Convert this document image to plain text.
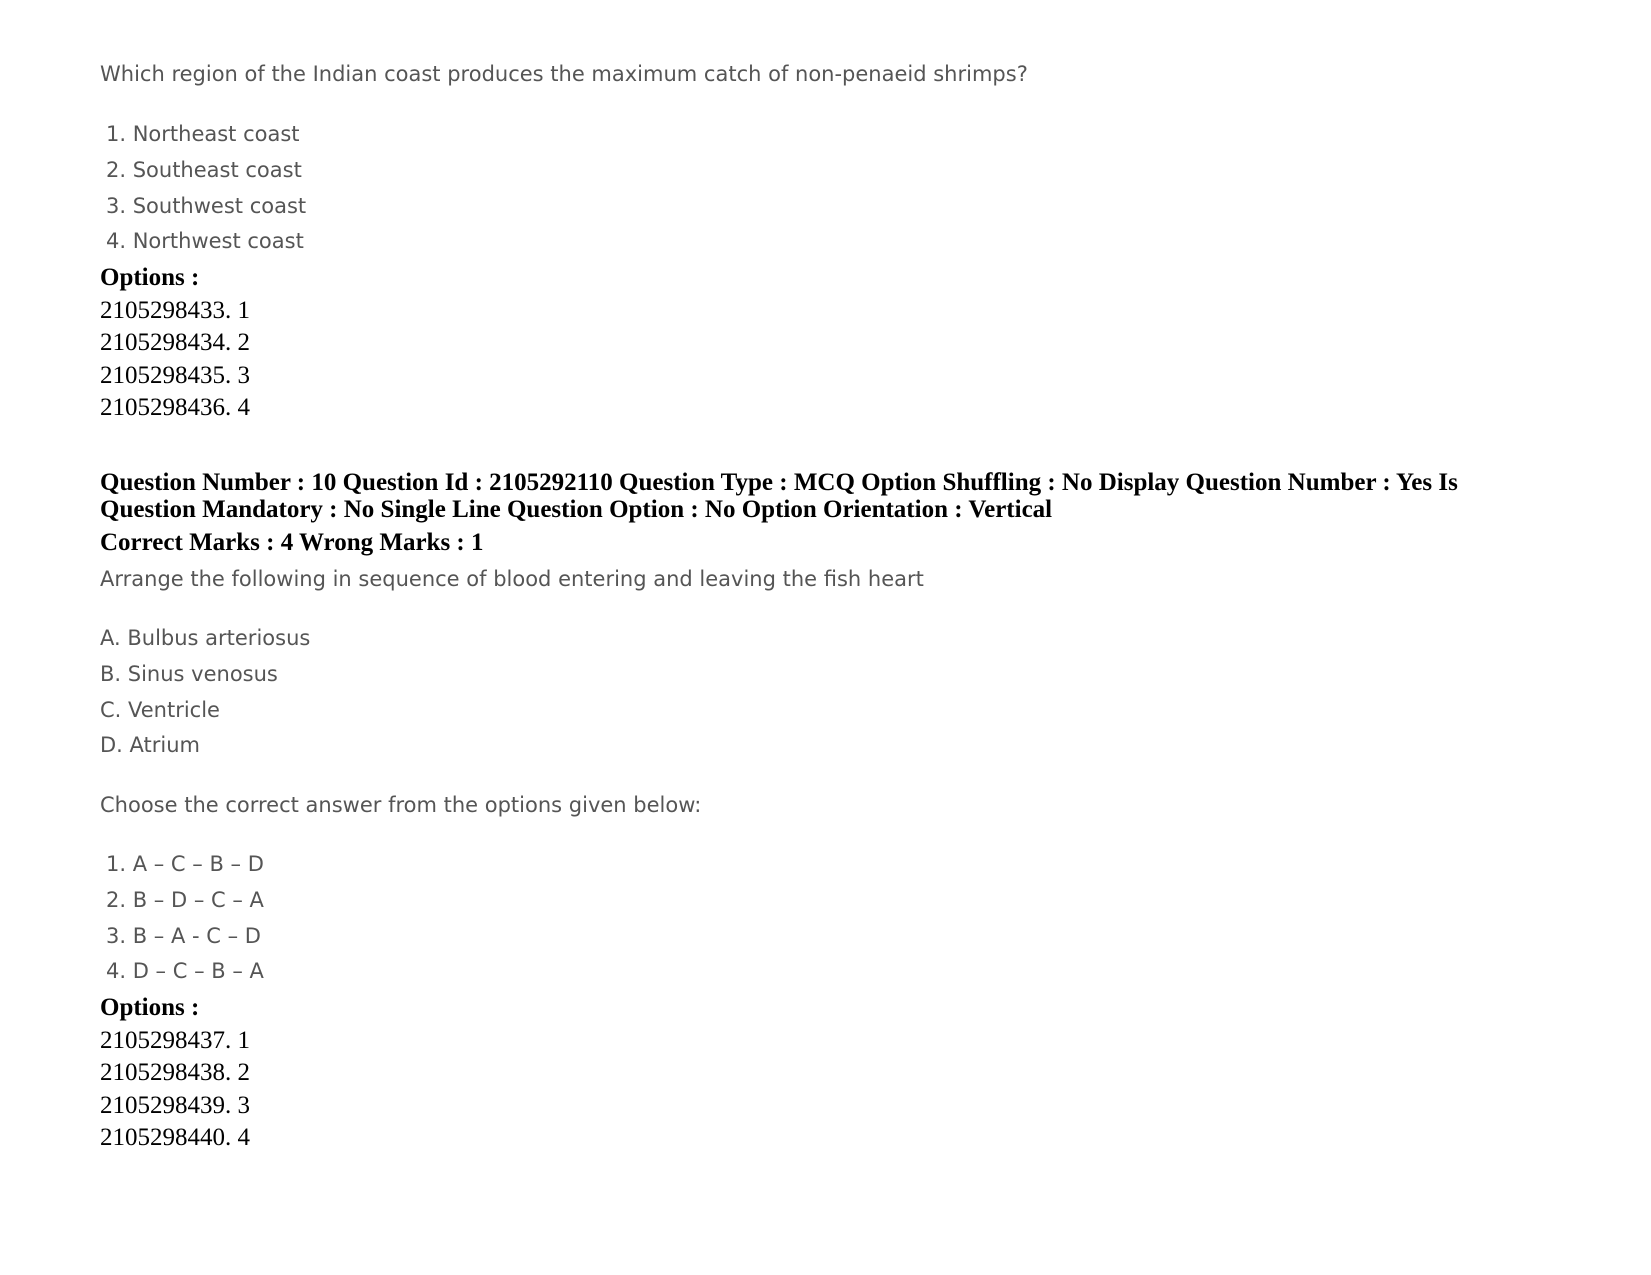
Which region of the Indian coast produces the maximum catch of non-penaeid shrimps?

1. Northeast coast

2. Southeast coast

3. Southwest coast

4. Northwest coast

Options :

2105298433. 1

2105298434. 2

2105298435. 3

2105298436. 4

Question Number : 10 Question Id : 2105292110 Question Type : MCQ Option Shuffling : No Display Question Number : Yes Is

Question Mandatory : No Single Line Question Option : No Option Orientation : Vertical

Correct Marks : 4 Wrong Marks : 1

Arrange the following in sequence of blood entering and leaving the fish heart

A. Bulbus arteriosus

B. Sinus venosus

C. Ventricle

D. Atrium

Choose the correct answer from the options given below:

1. A – C – B – D

2. B – D – C – A

3. B – A - C – D

4. D – C – B – A

Options :

2105298437. 1

2105298438. 2

2105298439. 3

2105298440. 4
